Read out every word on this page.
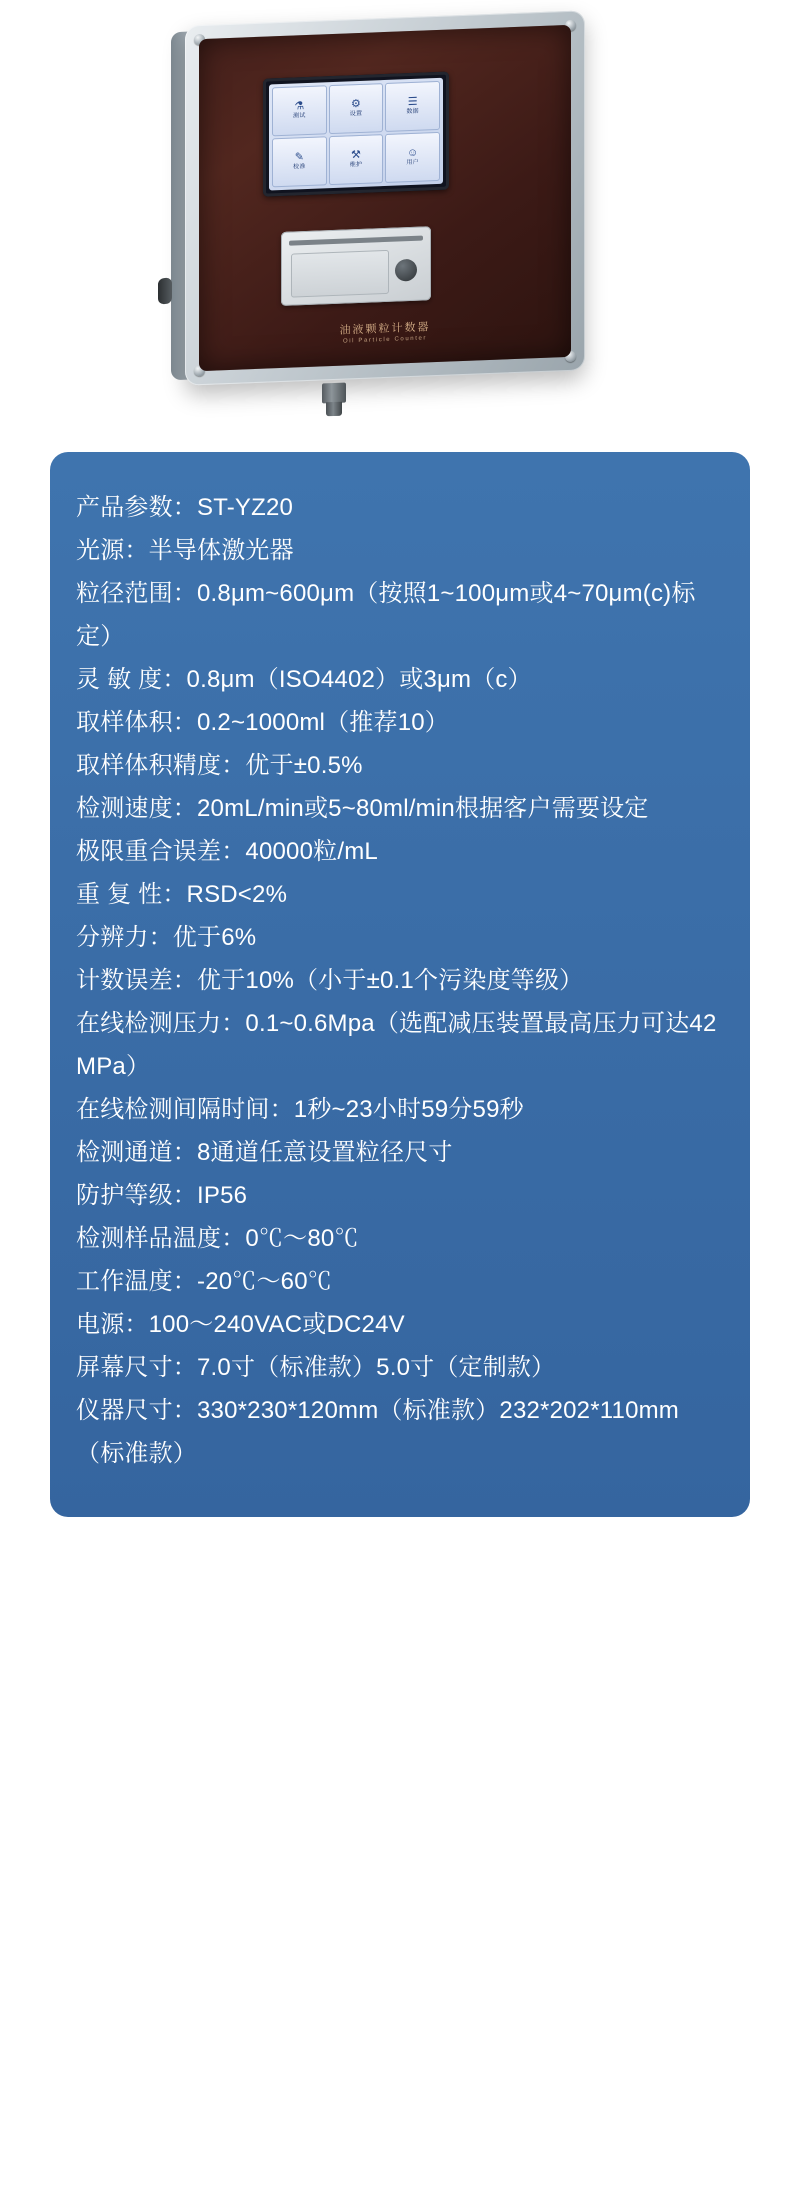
⚗
测试
⚙
设置
☰
数据
✎
校准
⚒
维护
☺
用户
油液颗粒计数器
Oil Particle Counter
产品参数：ST-YZ20
光源：半导体激光器
粒径范围：0.8μm~600μm（按照1~100μm或4~70μm(c)标定）
灵 敏 度：0.8μm（ISO4402）或3μm（c）
取样体积：0.2~1000ml（推荐10）
取样体积精度：优于±0.5%
检测速度：20mL/min或5~80ml/min根据客户需要设定
极限重合误差：40000粒/mL
重 复 性：RSD<2%
分辨力：优于6%
计数误差：优于10%（小于±0.1个污染度等级）
在线检测压力：0.1~0.6Mpa（选配减压装置最高压力可达42MPa）
在线检测间隔时间：1秒~23小时59分59秒
检测通道：8通道任意设置粒径尺寸
防护等级：IP56
检测样品温度：0℃～80℃
工作温度：-20℃～60℃
电源：100～240VAC或DC24V
屏幕尺寸：7.0寸（标准款）5.0寸（定制款）
仪器尺寸：330*230*120mm（标准款）232*202*110mm（标准款）
